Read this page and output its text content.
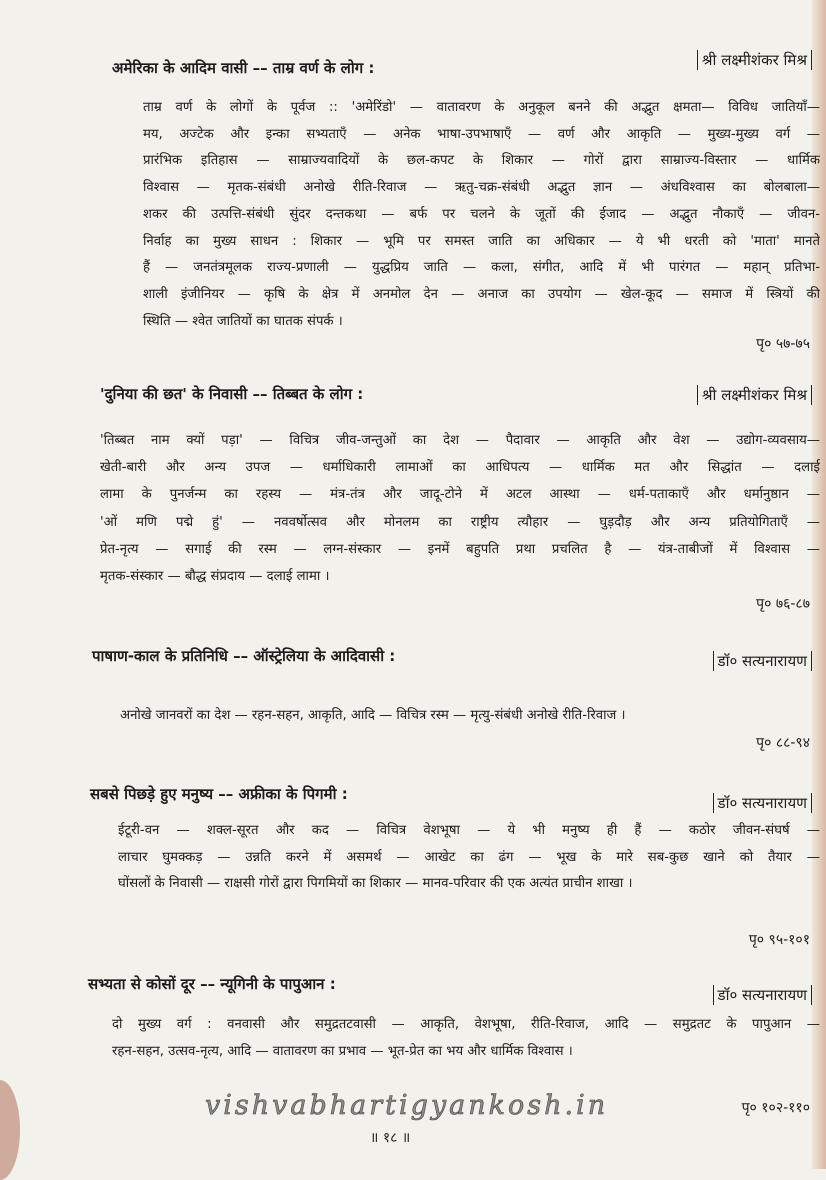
अमेरिका के आदिम वासी –– ताम्र वर्ण के लोग :	श्री लक्ष्मीशंकर मिश्र
ताम्र वर्ण के लोगों के पूर्वज :: 'अमेरिंडो' — वातावरण के अनुकूल बनने की अद्भुत क्षमता— विविध जातियाँ—
मय, अज्टेक और इन्का सभ्यताएँ — अनेक भाषा-उपभाषाएँ — वर्ण और आकृति — मुख्य-मुख्य वर्ग —
प्रारंभिक इतिहास — साम्राज्यवादियों के छल-कपट के शिकार — गोरों द्वारा साम्राज्य-विस्तार — धार्मिक
विश्वास — मृतक-संबंधी अनोखे रीति-रिवाज — ऋतु-चक्र-संबंधी अद्भुत ज्ञान — अंधविश्वास का बोलबाला—
शकर की उत्पत्ति-संबंधी सुंदर दन्तकथा — बर्फ पर चलने के जूतों की ईजाद — अद्भुत नौकाएँ — जीवन-
निर्वाह का मुख्य साधन : शिकार — भूमि पर समस्त जाति का अधिकार — ये भी धरती को 'माता' मानते
हैं — जनतंत्रमूलक राज्य-प्रणाली — युद्धप्रिय जाति — कला, संगीत, आदि में भी पारंगत — महान् प्रतिभा-
शाली इंजीनियर — कृषि के क्षेत्र में अनमोल देन — अनाज का उपयोग — खेल-कूद — समाज में स्त्रियों की
स्थिति — श्वेत जातियों का घातक संपर्क ।
पृ० ५७-७५
'दुनिया की छत' के निवासी –– तिब्बत के लोग :	श्री लक्ष्मीशंकर मिश्र
'तिब्बत नाम क्यों पड़ा' — विचित्र जीव-जन्तुओं का देश — पैदावार — आकृति और वेश — उद्योग-व्यवसाय—
खेती-बारी और अन्य उपज — धर्माधिकारी लामाओं का आधिपत्य — धार्मिक मत और सिद्धांत — दलाई
लामा के पुनर्जन्म का रहस्य — मंत्र-तंत्र और जादू-टोने में अटल आस्था — धर्म-पताकाएँ और धर्मानुष्ठान —
'ओं मणि पद्मे हुं' — नववर्षोत्सव और मोनलम का राष्ट्रीय त्यौहार — घुड़दौड़ और अन्य प्रतियोगिताएँ —
प्रेत-नृत्य — सगाई की रस्म — लग्न-संस्कार — इनमें बहुपति प्रथा प्रचलित है — यंत्र-ताबीजों में विश्वास —
मृतक-संस्कार — बौद्ध संप्रदाय — दलाई लामा ।
पृ० ७६-८७
पाषाण-काल के प्रतिनिधि –– ऑस्ट्रेलिया के आदिवासी :	डॉ० सत्यनारायण
अनोखे जानवरों का देश — रहन-सहन, आकृति, आदि — विचित्र रस्म — मृत्यु-संबंधी अनोखे रीति-रिवाज ।
पृ० ८८-९४
सबसे पिछड़े हुए मनुष्य –– अफ्रीका के पिगमी :	डॉ० सत्यनारायण
ईटूरी-वन — शक्ल-सूरत और कद — विचित्र वेशभूषा — ये भी मनुष्य ही हैं — कठोर जीवन-संघर्ष —
लाचार घुमक्कड़ — उन्नति करने में असमर्थ — आखेट का ढंग — भूख के मारे सब-कुछ खाने को तैयार —
घोंसलों के निवासी — राक्षसी गोरों द्वारा पिगमियों का शिकार — मानव-परिवार की एक अत्यंत प्राचीन शाखा ।
पृ० ९५-१०१
सभ्यता से कोसों दूर –– न्यूगिनी के पापुआन :
डॉ० सत्यनारायण
दो मुख्य वर्ग : वनवासी और समुद्रतटवासी — आकृति, वेशभूषा, रीति-रिवाज, आदि — समुद्रतट के पापुआन —
रहन-सहन, उत्सव-नृत्य, आदि — वातावरण का प्रभाव — भूत-प्रेत का भय और धार्मिक विश्वास ।
पृ० १०२-११०
vishvabhartigyankosh.in
॥ १८ ॥
